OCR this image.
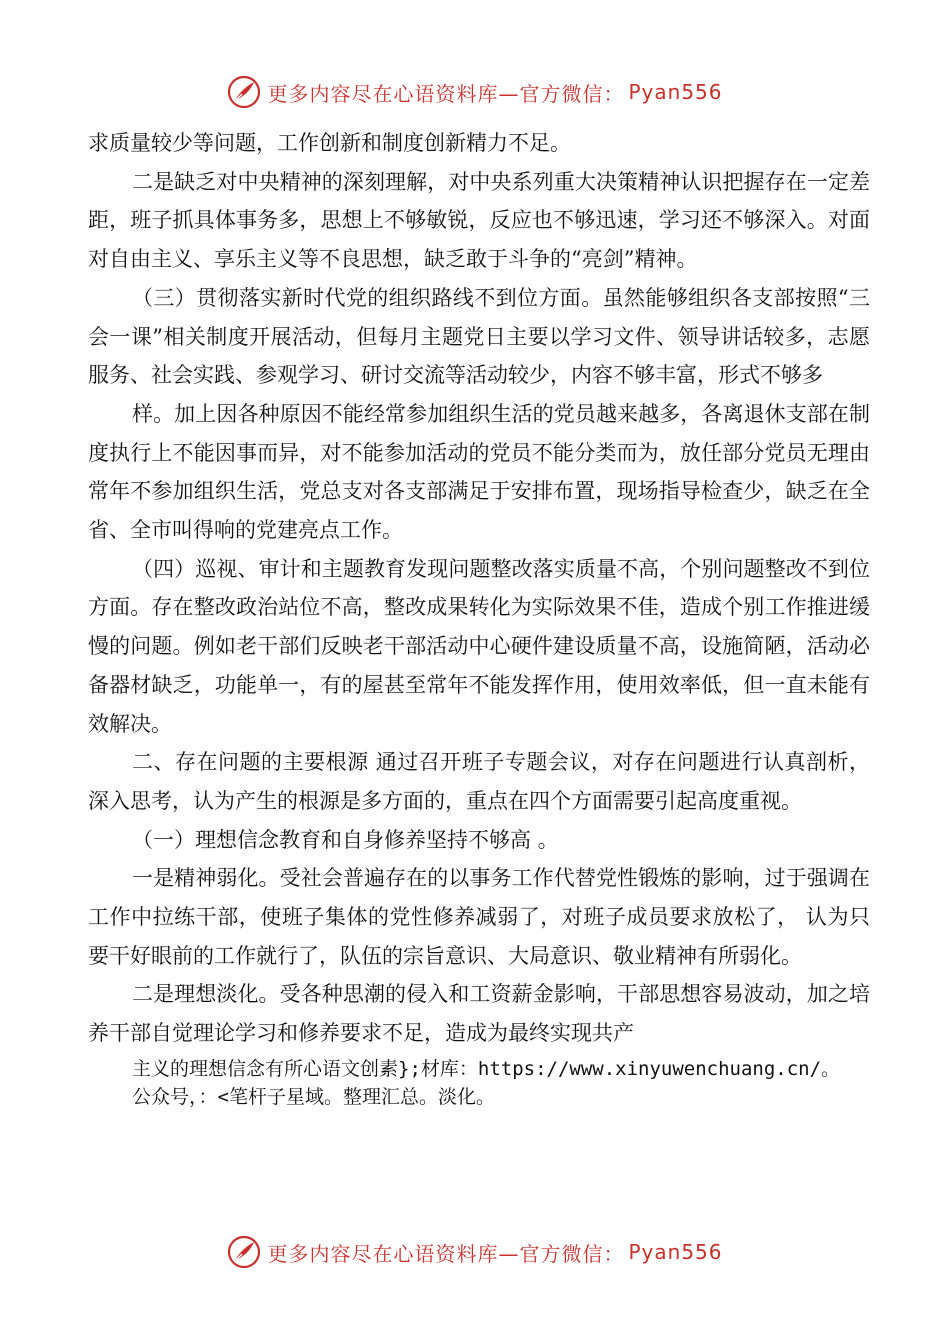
更多内容尽在心语资料库—官方微信： Pyan556

求质量较少等问题，工作创新和制度创新精力不足。

二是缺乏对中央精神的深刻理解，对中央系列重大决策精神认识把握存在一定差距，班子抓具体事务多，思想上不够敏锐，反应也不够迅速，学习还不够深入。对面对自由主义、享乐主义等不良思想，缺乏敢于斗争的“亮剑”精神。

（三）贯彻落实新时代党的组织路线不到位方面。虽然能够组织各支部按照“三会一课”相关制度开展活动，但每月主题党日主要以学习文件、领导讲话较多，志愿服务、社会实践、参观学习、研讨交流等活动较少，内容不够丰富，形式不够多

样。加上因各种原因不能经常参加组织生活的党员越来越多，各离退休支部在制度执行上不能因事而异，对不能参加活动的党员不能分类而为，放任部分党员无理由常年不参加组织生活，党总支对各支部满足于安排布置，现场指导检查少，缺乏在全省、全市叫得响的党建亮点工作。

（四）巡视、审计和主题教育发现问题整改落实质量不高，个别问题整改不到位方面。存在整改政治站位不高，整改成果转化为实际效果不佳，造成个别工作推进缓慢的问题。例如老干部们反映老干部活动中心硬件建设质量不高，设施简陋，活动必备器材缺乏，功能单一，有的屋甚至常年不能发挥作用，使用效率低，但一直未能有效解决。

二、存在问题的主要根源 通过召开班子专题会议，对存在问题进行认真剖析，深入思考，认为产生的根源是多方面的，重点在四个方面需要引起高度重视。

（一）理想信念教育和自身修养坚持不够高 。

一是精神弱化。受社会普遍存在的以事务工作代替党性锻炼的影响，过于强调在工作中拉练干部，使班子集体的党性修养减弱了，对班子成员要求放松了， 认为只要干好眼前的工作就行了，队伍的宗旨意识、大局意识、敬业精神有所弱化。

二是理想淡化。受各种思潮的侵入和工资薪金影响，干部思想容易波动，加之培养干部自觉理论学习和修养要求不足，造成为最终实现共产

主义的理想信念有所心语文创素};材库：https://www.xinyuwenchuang.cn/。
公众号，：<笔杆子星域。整理汇总。淡化。

更多内容尽在心语资料库—官方微信： Pyan556
